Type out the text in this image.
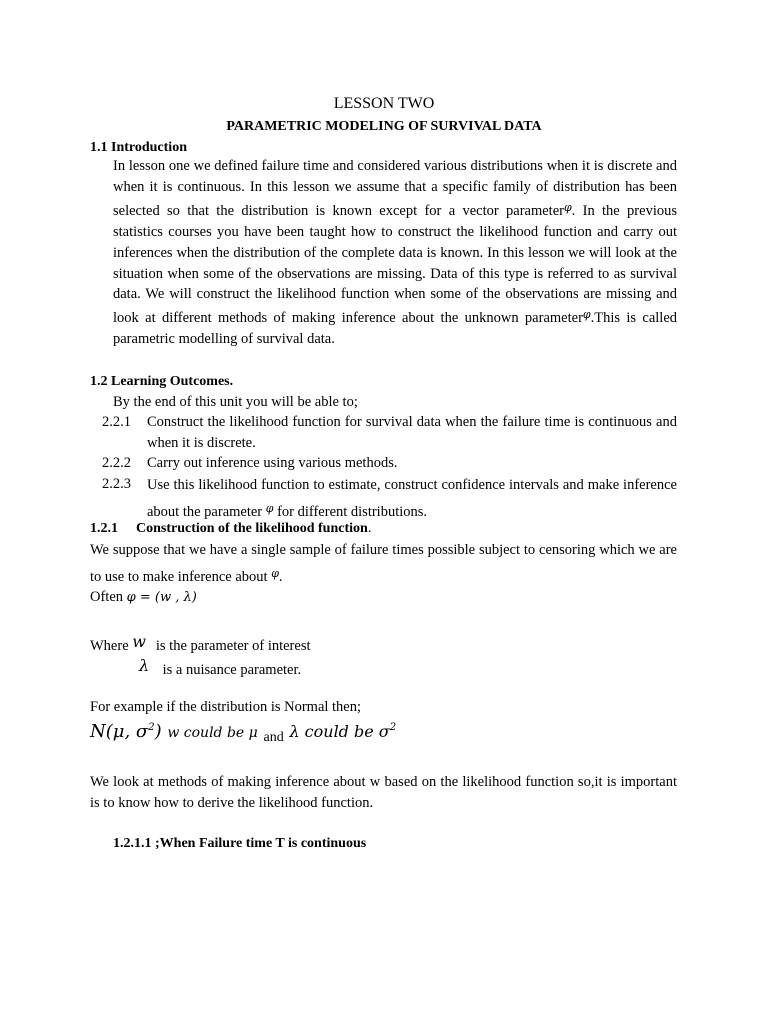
LESSON TWO
PARAMETRIC MODELING OF SURVIVAL DATA
1.1 Introduction

In lesson one we defined failure time and considered various distributions when it is discrete and when it is continuous. In this lesson we assume that a specific family of distribution has been selected so that the distribution is known except for a vector parameter$^\varphi$. In the previous statistics courses you have been taught how to construct the likelihood function and carry out inferences when the distribution of the complete data is known. In this lesson we will look at the situation when some of the observations are missing. Data of this type is referred to as survival data. We will construct the likelihood function when some of the observations are missing and look at different methods of making inference about the unknown parameter$^\varphi$.This is called parametric modelling of survival data.

1.2 Learning Outcomes.
By the end of this unit you will be able to;
2.2.1 Construct the likelihood function for survival data when the failure time is continuous and when it is discrete.
2.2.2 Carry out inference using various methods.
2.2.3 Use this likelihood function to estimate, construct confidence intervals and make inference about the parameter $^\varphi$ for different distributions.
1.2.1 Construction of the likelihood function.

We suppose that we have a single sample of failure times possible subject to censoring which we are to use to make inference about $^\varphi$.

Often φ = (w , λ)
Where w is the parameter of interest
λ is a nuisance parameter.
For example if the distribution is Normal then;
N(μ, $\sigma^2$) w could be μ $_{and}$ λ could be $\sigma^2$

We look at methods of making inference about w based on the likelihood function so,it is important is to know how to derive the likelihood function.

1.2.1.1 ;When Failure time T is continuous
